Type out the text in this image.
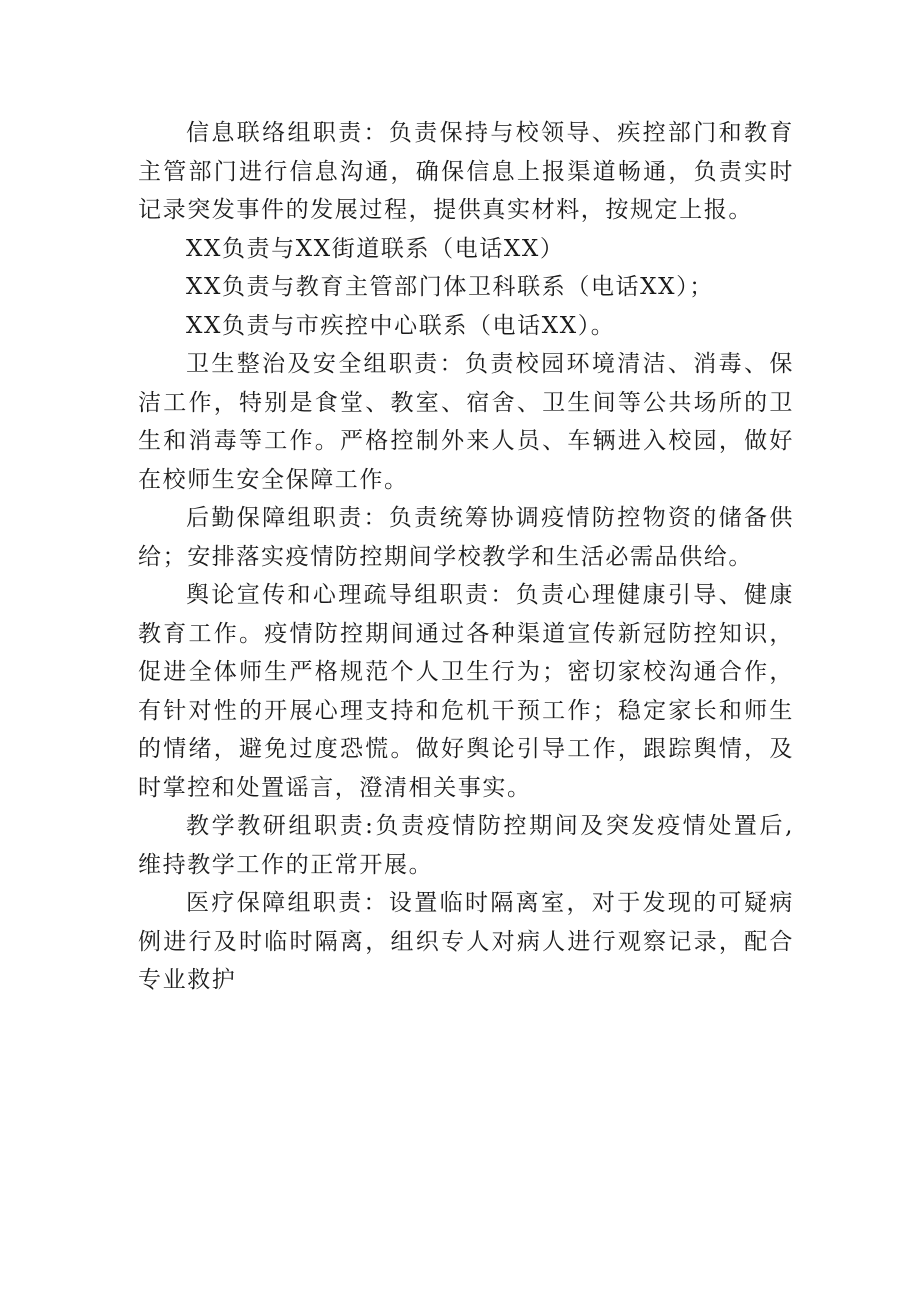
信息联络组职责：负责保持与校领导、疾控部门和教育主管部门进行信息沟通，确保信息上报渠道畅通，负责实时记录突发事件的发展过程，提供真实材料，按规定上报。

XX负责与XX街道联系（电话XX）

XX负责与教育主管部门体卫科联系（电话XX）；

XX负责与市疾控中心联系（电话XX）。

卫生整治及安全组职责：负责校园环境清洁、消毒、保洁工作，特别是食堂、教室、宿舍、卫生间等公共场所的卫生和消毒等工作。严格控制外来人员、车辆进入校园，做好在校师生安全保障工作。

后勤保障组职责：负责统筹协调疫情防控物资的储备供给；安排落实疫情防控期间学校教学和生活必需品供给。

舆论宣传和心理疏导组职责：负责心理健康引导、健康教育工作。疫情防控期间通过各种渠道宣传新冠防控知识，促进全体师生严格规范个人卫生行为；密切家校沟通合作，有针对性的开展心理支持和危机干预工作；稳定家长和师生的情绪，避免过度恐慌。做好舆论引导工作，跟踪舆情，及时掌控和处置谣言，澄清相关事实。

教学教研组职责:负责疫情防控期间及突发疫情处置后,维持教学工作的正常开展。

医疗保障组职责：设置临时隔离室，对于发现的可疑病例进行及时临时隔离，组织专人对病人进行观察记录，配合专业救护
